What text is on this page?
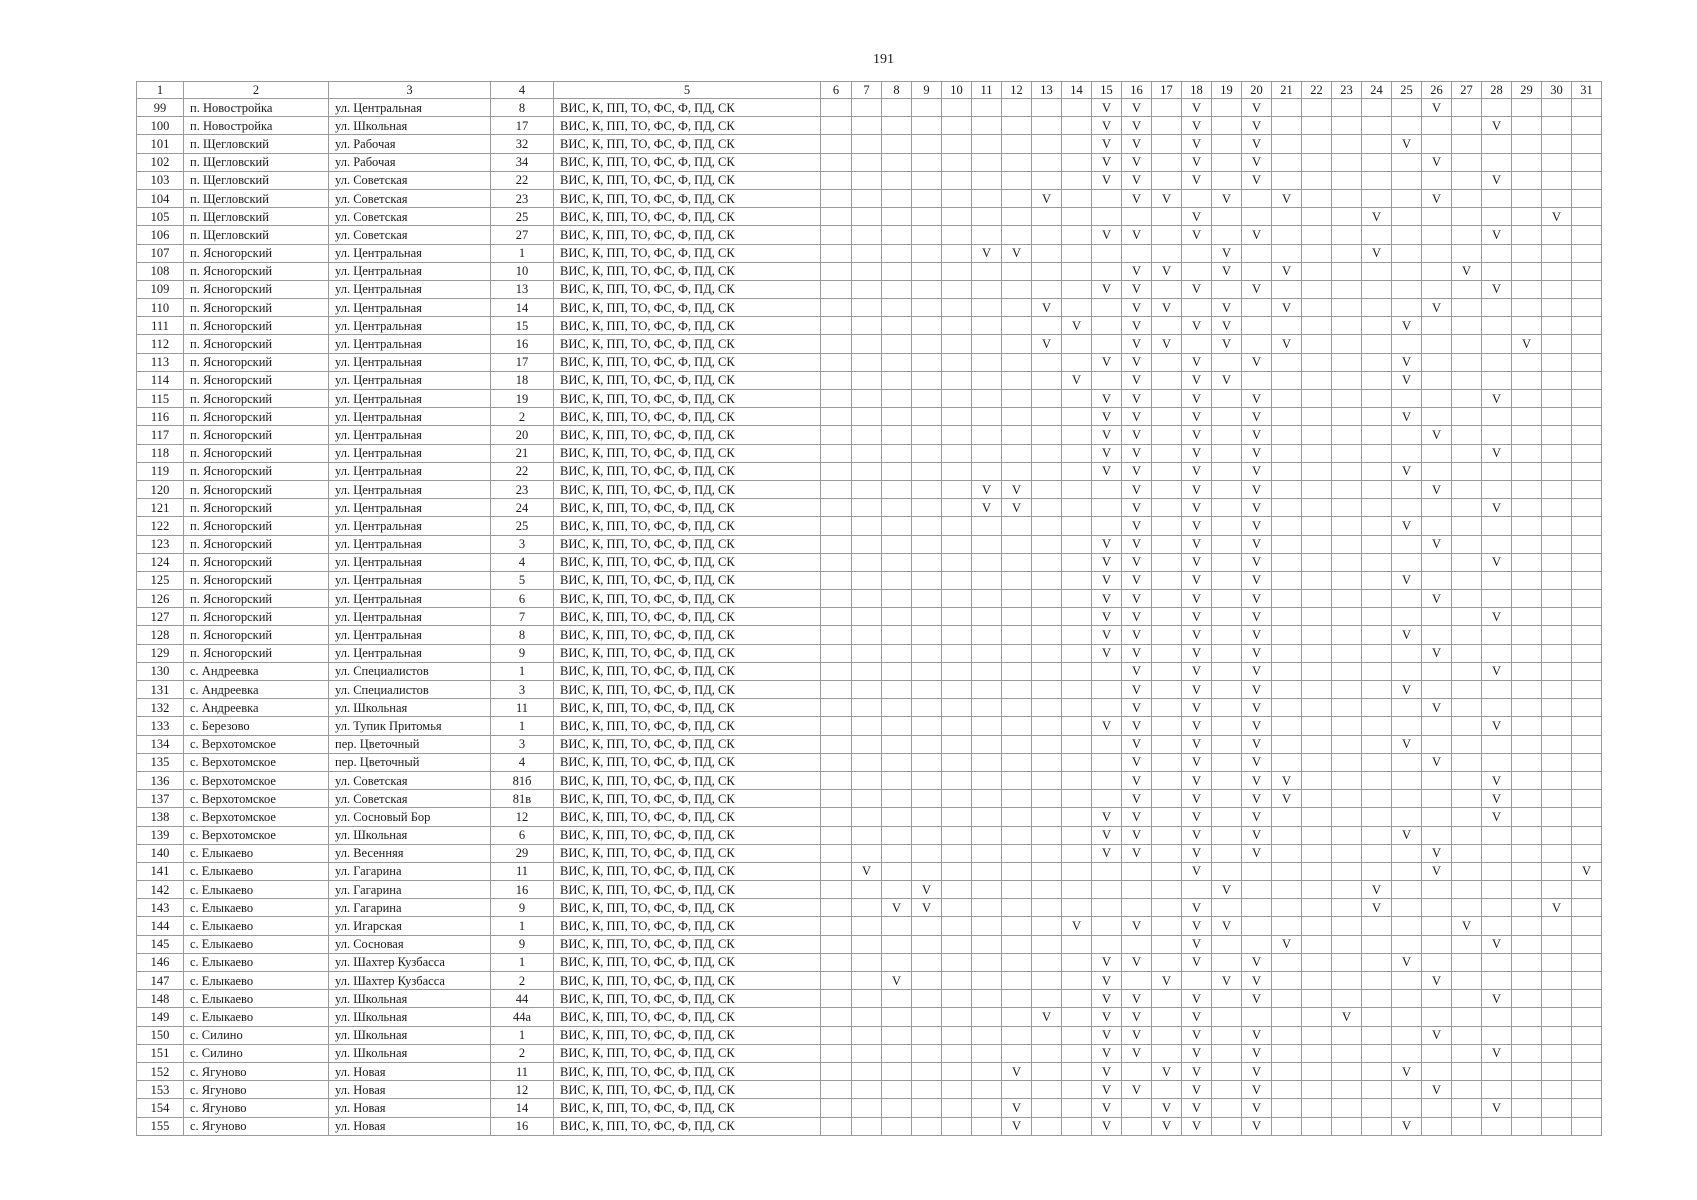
191
1	2	3	4	5	6	7	8	9	10	11	12	13	14	15	16	17	18	19	20	21	22	23	24	25	26	27	28	29	30	31
99	п. Новостройка	ул. Центральная	8	ВИС, К, ПП, ТО, ФС, Ф, ПД, СК										V	V		V		V						V					
100	п. Новостройка	ул. Школьная	17	ВИС, К, ПП, ТО, ФС, Ф, ПД, СК										V	V		V		V								V			
101	п. Щегловский	ул. Рабочая	32	ВИС, К, ПП, ТО, ФС, Ф, ПД, СК										V	V		V		V					V						
102	п. Щегловский	ул. Рабочая	34	ВИС, К, ПП, ТО, ФС, Ф, ПД, СК										V	V		V		V						V					
103	п. Щегловский	ул. Советская	22	ВИС, К, ПП, ТО, ФС, Ф, ПД, СК										V	V		V		V								V			
104	п. Щегловский	ул. Советская	23	ВИС, К, ПП, ТО, ФС, Ф, ПД, СК								V			V	V		V		V					V					
105	п. Щегловский	ул. Советская	25	ВИС, К, ПП, ТО, ФС, Ф, ПД, СК													V						V						V	
106	п. Щегловский	ул. Советская	27	ВИС, К, ПП, ТО, ФС, Ф, ПД, СК										V	V		V		V								V			
107	п. Ясногорский	ул. Центральная	1	ВИС, К, ПП, ТО, ФС, Ф, ПД, СК						V	V							V					V							
108	п. Ясногорский	ул. Центральная	10	ВИС, К, ПП, ТО, ФС, Ф, ПД, СК											V	V		V		V						V				
109	п. Ясногорский	ул. Центральная	13	ВИС, К, ПП, ТО, ФС, Ф, ПД, СК										V	V		V		V								V			
110	п. Ясногорский	ул. Центральная	14	ВИС, К, ПП, ТО, ФС, Ф, ПД, СК								V			V	V		V		V					V					
111	п. Ясногорский	ул. Центральная	15	ВИС, К, ПП, ТО, ФС, Ф, ПД, СК									V		V		V	V						V						
112	п. Ясногорский	ул. Центральная	16	ВИС, К, ПП, ТО, ФС, Ф, ПД, СК								V			V	V		V		V								V		
113	п. Ясногорский	ул. Центральная	17	ВИС, К, ПП, ТО, ФС, Ф, ПД, СК										V	V		V		V					V						
114	п. Ясногорский	ул. Центральная	18	ВИС, К, ПП, ТО, ФС, Ф, ПД, СК									V		V		V	V						V						
115	п. Ясногорский	ул. Центральная	19	ВИС, К, ПП, ТО, ФС, Ф, ПД, СК										V	V		V		V								V			
116	п. Ясногорский	ул. Центральная	2	ВИС, К, ПП, ТО, ФС, Ф, ПД, СК										V	V		V		V					V						
117	п. Ясногорский	ул. Центральная	20	ВИС, К, ПП, ТО, ФС, Ф, ПД, СК										V	V		V		V						V					
118	п. Ясногорский	ул. Центральная	21	ВИС, К, ПП, ТО, ФС, Ф, ПД, СК										V	V		V		V								V			
119	п. Ясногорский	ул. Центральная	22	ВИС, К, ПП, ТО, ФС, Ф, ПД, СК										V	V		V		V					V						
120	п. Ясногорский	ул. Центральная	23	ВИС, К, ПП, ТО, ФС, Ф, ПД, СК						V	V				V		V		V						V					
121	п. Ясногорский	ул. Центральная	24	ВИС, К, ПП, ТО, ФС, Ф, ПД, СК						V	V				V		V		V								V			
122	п. Ясногорский	ул. Центральная	25	ВИС, К, ПП, ТО, ФС, Ф, ПД, СК											V		V		V					V						
123	п. Ясногорский	ул. Центральная	3	ВИС, К, ПП, ТО, ФС, Ф, ПД, СК										V	V		V		V						V					
124	п. Ясногорский	ул. Центральная	4	ВИС, К, ПП, ТО, ФС, Ф, ПД, СК										V	V		V		V								V			
125	п. Ясногорский	ул. Центральная	5	ВИС, К, ПП, ТО, ФС, Ф, ПД, СК										V	V		V		V					V						
126	п. Ясногорский	ул. Центральная	6	ВИС, К, ПП, ТО, ФС, Ф, ПД, СК										V	V		V		V						V					
127	п. Ясногорский	ул. Центральная	7	ВИС, К, ПП, ТО, ФС, Ф, ПД, СК										V	V		V		V								V			
128	п. Ясногорский	ул. Центральная	8	ВИС, К, ПП, ТО, ФС, Ф, ПД, СК										V	V		V		V					V						
129	п. Ясногорский	ул. Центральная	9	ВИС, К, ПП, ТО, ФС, Ф, ПД, СК										V	V		V		V						V					
130	с. Андреевка	ул. Специалистов	1	ВИС, К, ПП, ТО, ФС, Ф, ПД, СК											V		V		V								V			
131	с. Андреевка	ул. Специалистов	3	ВИС, К, ПП, ТО, ФС, Ф, ПД, СК											V		V		V					V						
132	с. Андреевка	ул. Школьная	11	ВИС, К, ПП, ТО, ФС, Ф, ПД, СК											V		V		V						V					
133	с. Березово	ул. Тупик Притомья	1	ВИС, К, ПП, ТО, ФС, Ф, ПД, СК										V	V		V		V								V			
134	с. Верхотомское	пер. Цветочный	3	ВИС, К, ПП, ТО, ФС, Ф, ПД, СК											V		V		V					V						
135	с. Верхотомское	пер. Цветочный	4	ВИС, К, ПП, ТО, ФС, Ф, ПД, СК											V		V		V						V					
136	с. Верхотомское	ул. Советская	81б	ВИС, К, ПП, ТО, ФС, Ф, ПД, СК											V		V		V	V							V			
137	с. Верхотомское	ул. Советская	81в	ВИС, К, ПП, ТО, ФС, Ф, ПД, СК											V		V		V	V							V			
138	с. Верхотомское	ул. Сосновый Бор	12	ВИС, К, ПП, ТО, ФС, Ф, ПД, СК										V	V		V		V								V			
139	с. Верхотомское	ул. Школьная	6	ВИС, К, ПП, ТО, ФС, Ф, ПД, СК										V	V		V		V					V						
140	с. Елыкаево	ул. Весенняя	29	ВИС, К, ПП, ТО, ФС, Ф, ПД, СК										V	V		V		V						V					
141	с. Елыкаево	ул. Гагарина	11	ВИС, К, ПП, ТО, ФС, Ф, ПД, СК		V											V								V					V
142	с. Елыкаево	ул. Гагарина	16	ВИС, К, ПП, ТО, ФС, Ф, ПД, СК				V										V					V							
143	с. Елыкаево	ул. Гагарина	9	ВИС, К, ПП, ТО, ФС, Ф, ПД, СК			V	V									V						V						V	
144	с. Елыкаево	ул. Игарская	1	ВИС, К, ПП, ТО, ФС, Ф, ПД, СК									V		V		V	V								V				
145	с. Елыкаево	ул. Сосновая	9	ВИС, К, ПП, ТО, ФС, Ф, ПД, СК													V			V							V			
146	с. Елыкаево	ул. Шахтер Кузбасса	1	ВИС, К, ПП, ТО, ФС, Ф, ПД, СК										V	V		V		V					V						
147	с. Елыкаево	ул. Шахтер Кузбасса	2	ВИС, К, ПП, ТО, ФС, Ф, ПД, СК			V							V		V		V	V						V					
148	с. Елыкаево	ул. Школьная	44	ВИС, К, ПП, ТО, ФС, Ф, ПД, СК										V	V		V		V								V			
149	с. Елыкаево	ул. Школьная	44а	ВИС, К, ПП, ТО, ФС, Ф, ПД, СК								V		V	V		V					V								
150	с. Силино	ул. Школьная	1	ВИС, К, ПП, ТО, ФС, Ф, ПД, СК										V	V		V		V						V					
151	с. Силино	ул. Школьная	2	ВИС, К, ПП, ТО, ФС, Ф, ПД, СК										V	V		V		V								V			
152	с. Ягуново	ул. Новая	11	ВИС, К, ПП, ТО, ФС, Ф, ПД, СК							V			V		V	V		V					V						
153	с. Ягуново	ул. Новая	12	ВИС, К, ПП, ТО, ФС, Ф, ПД, СК										V	V		V		V						V					
154	с. Ягуново	ул. Новая	14	ВИС, К, ПП, ТО, ФС, Ф, ПД, СК							V			V		V	V		V								V			
155	с. Ягуново	ул. Новая	16	ВИС, К, ПП, ТО, ФС, Ф, ПД, СК							V			V		V	V		V					V						
